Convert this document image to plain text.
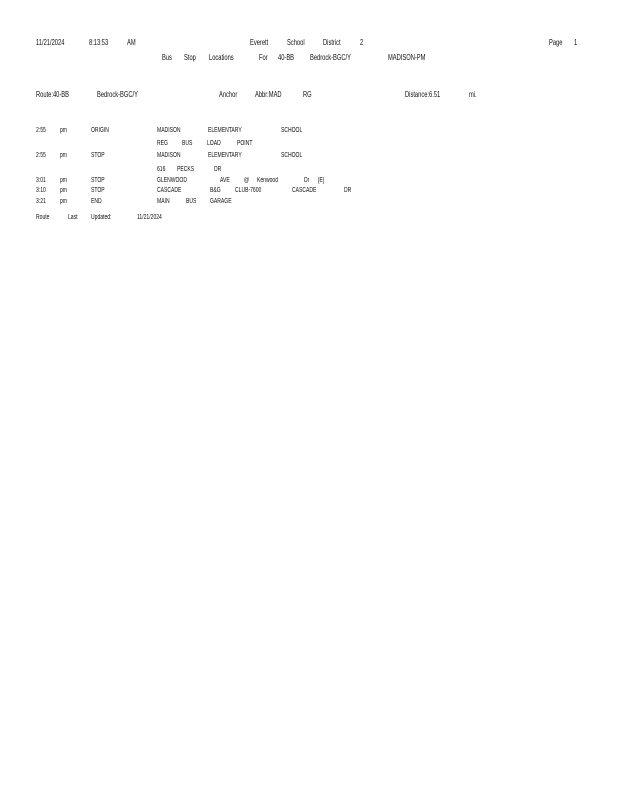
11/21/2024	8:13:53 AM	Everett School District 2	Page 1
Bus Stop Locations	For 40-BB Bedrock-BGC/Y	MADISON-PM
Route:40-BB	Bedrock-BGC/Y	Anchor Abbr:MAD	RG	Distance:6.51	mi.
2:55 pm	ORIGIN	MADISON	ELEMENTARY	SCHOOL
REG BUS LOAD POINT
2:55 pm	STOP	MADISON	ELEMENTARY	SCHOOL
616 PECKS	DR
3:01 pm	STOP	GLENWOOD	AVE @ Kenwood	Dr [E]
3:10 pm	STOP	CASCADE	B&G CLUB-7600	CASCADE	DR
3:21 pm	END	MAIN BUS GARAGE
Route	Last Updated:	11/21/2024
